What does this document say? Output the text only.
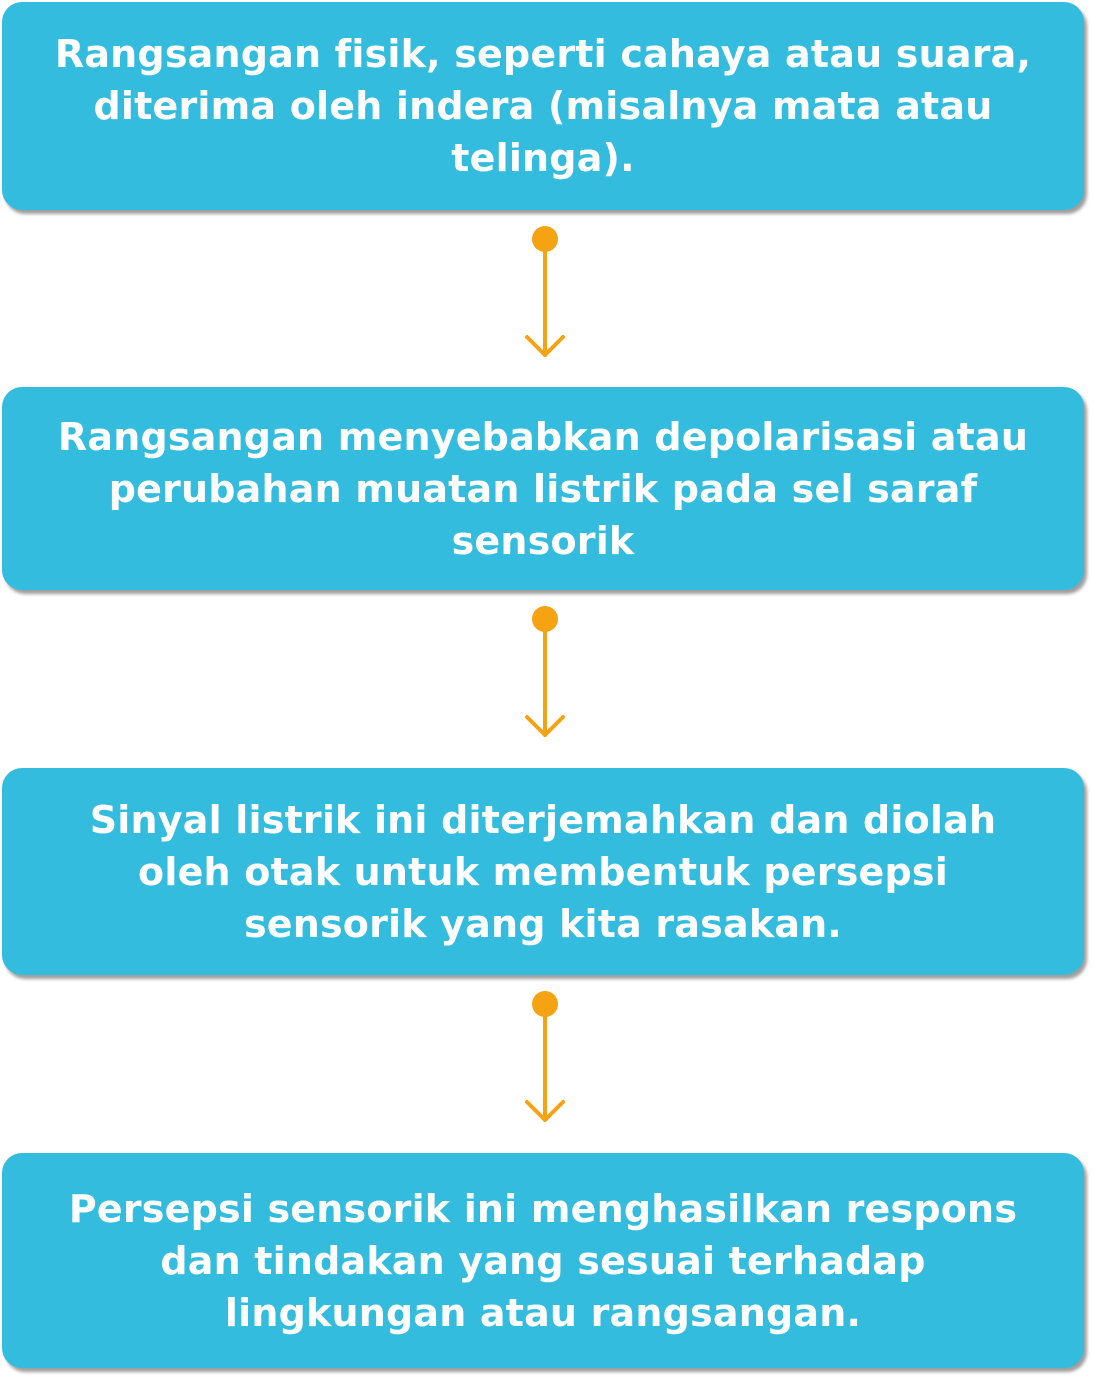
Rangsangan fisik, seperti cahaya atau suara, diterima oleh indera (misalnya mata atau telinga).
Rangsangan menyebabkan depolarisasi atau perubahan muatan listrik pada sel saraf sensorik
Sinyal listrik ini diterjemahkan dan diolah oleh otak untuk membentuk persepsi sensorik yang kita rasakan.
Persepsi sensorik ini menghasilkan respons dan tindakan yang sesuai terhadap lingkungan atau rangsangan.
